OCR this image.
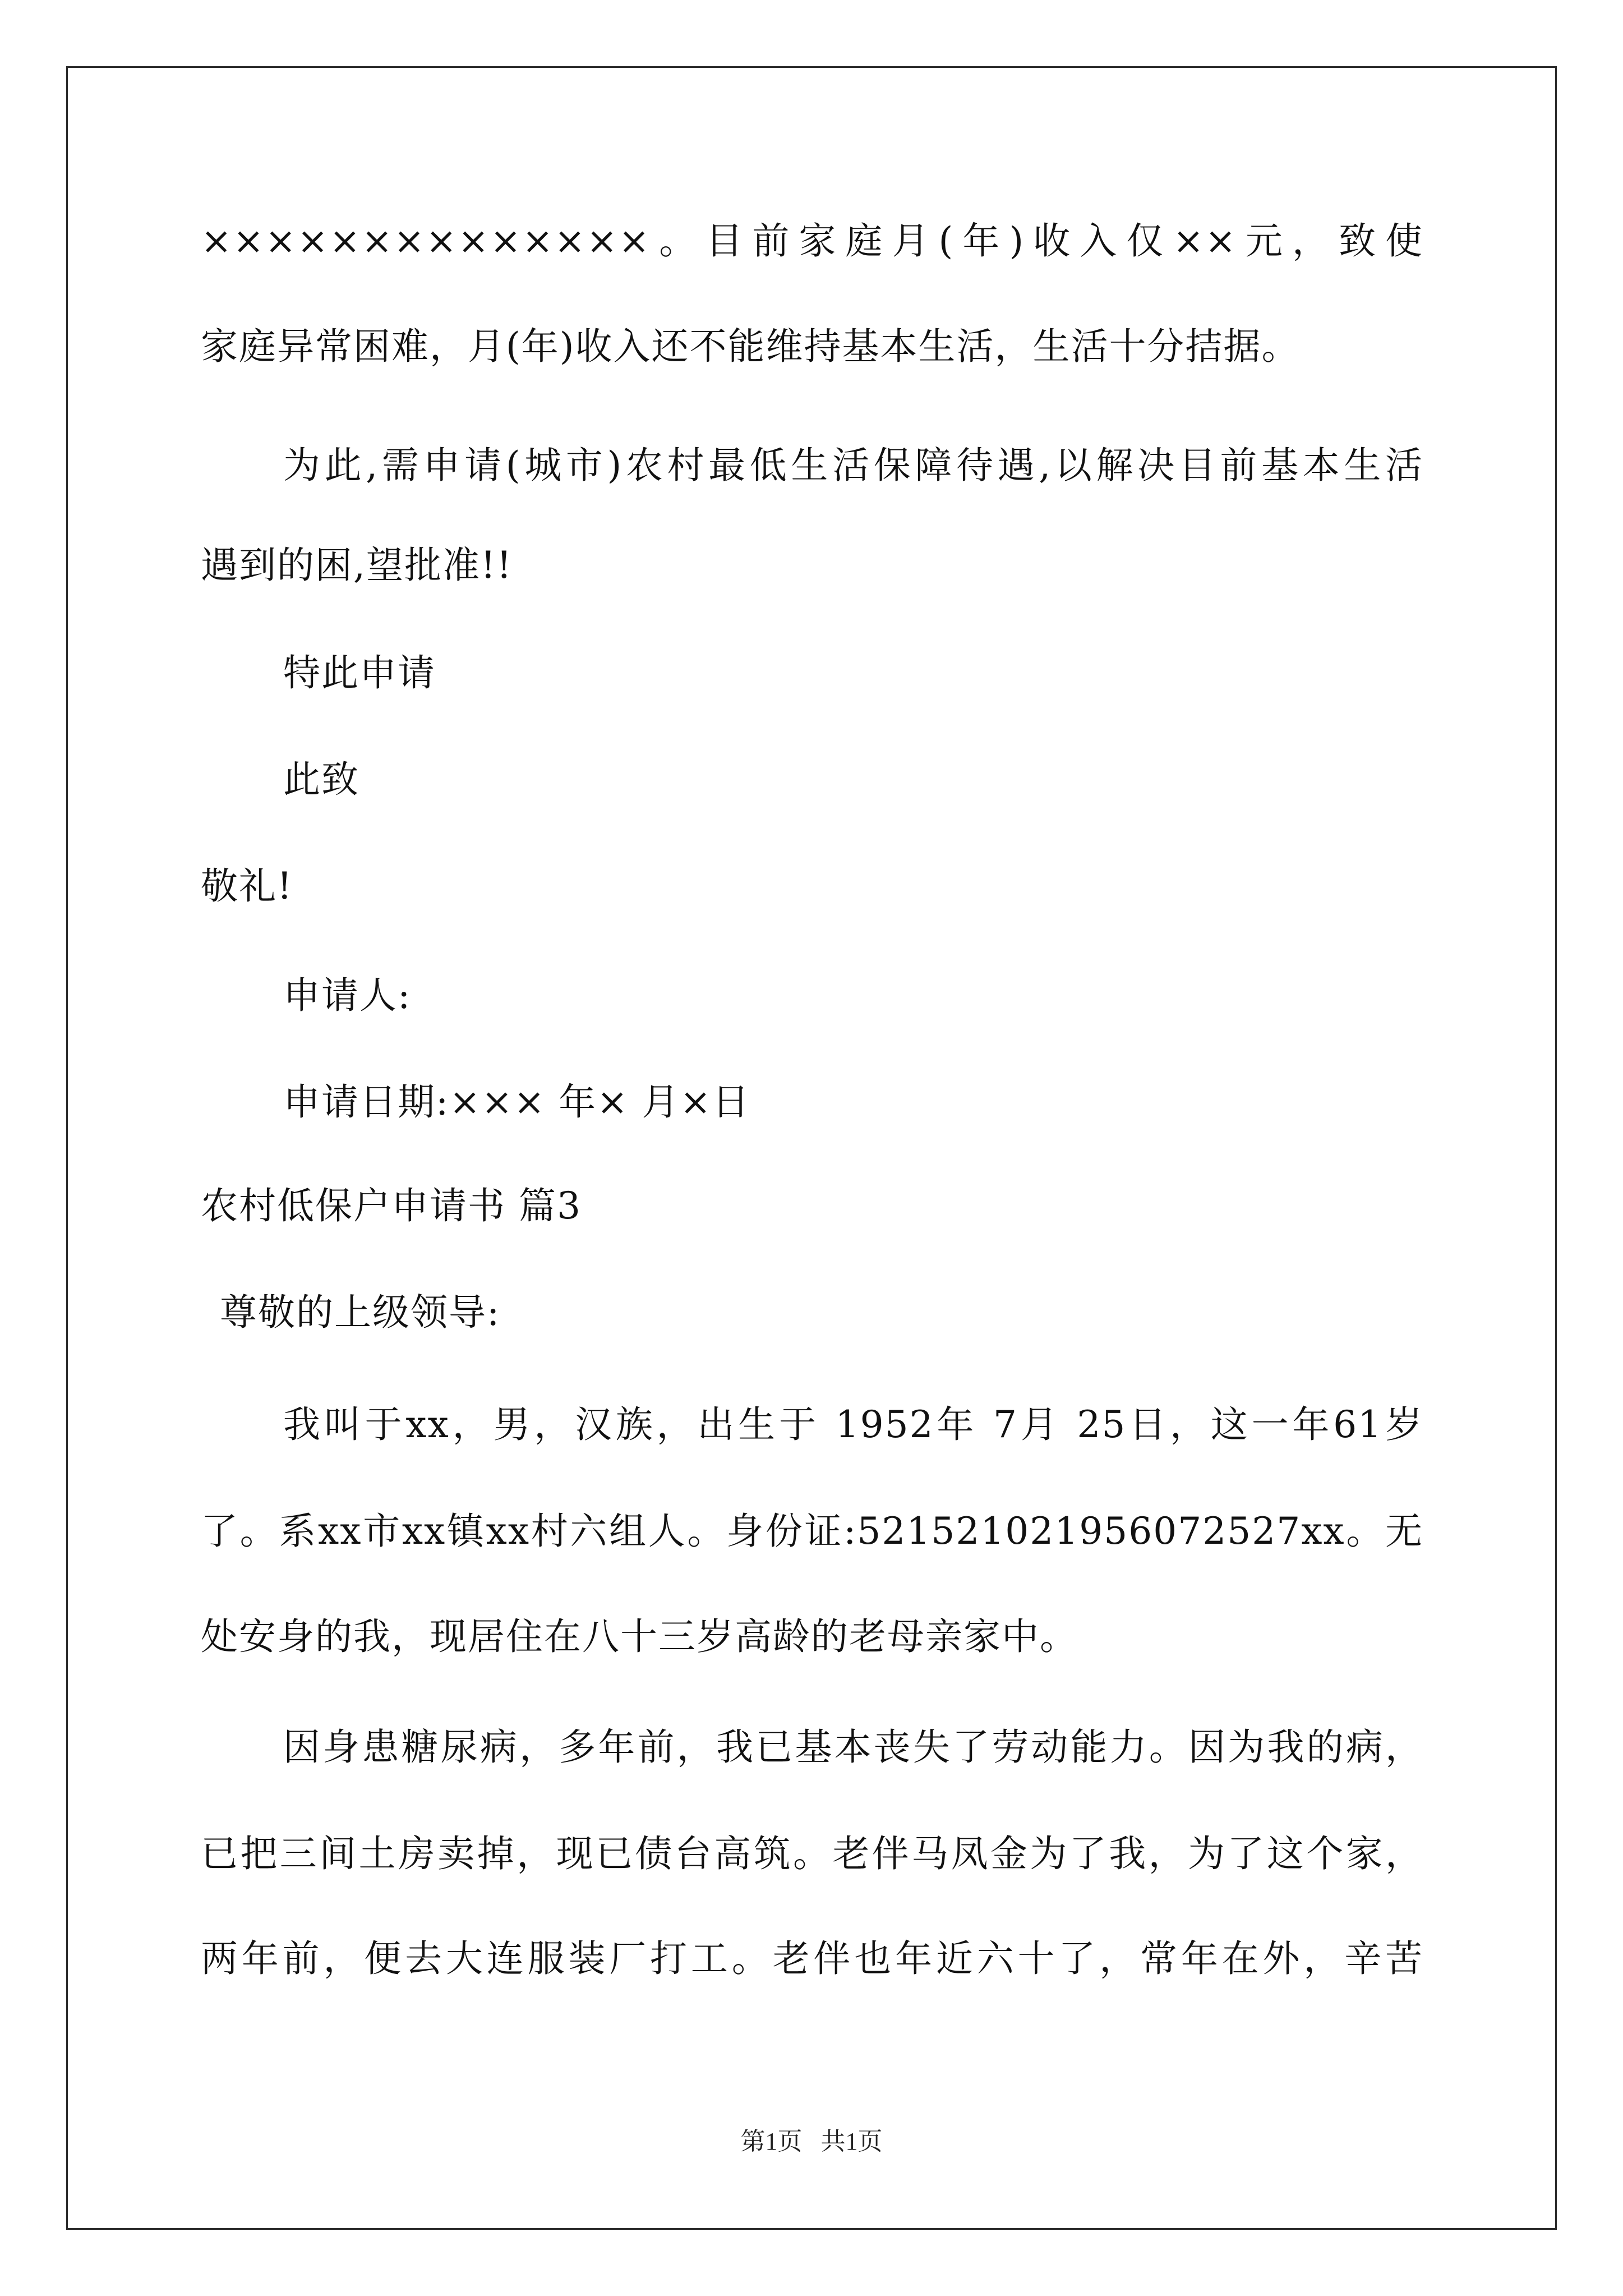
××××××××××××××。目前家庭月(年)收入仅××元，致使
家庭异常困难，月(年)收入还不能维持基本生活，生活十分拮据。
为此,需申请(城市)农村最低生活保障待遇,以解决目前基本生活
遇到的困,望批准!!
特此申请
此致
敬礼!
申请人:
申请日期:××× 年× 月×日
农村低保户申请书 篇3
尊敬的上级领导:
我叫于xx，男，汉族，出生于 1952年 7月 25日，这一年61岁
了。系xx市xx镇xx村六组人。身份证:521521021956072527xx。无
处安身的我，现居住在八十三岁高龄的老母亲家中。
因身患糖尿病，多年前，我已基本丧失了劳动能力。因为我的病，
已把三间土房卖掉，现已债台高筑。老伴马凤金为了我，为了这个家，
两年前，便去大连服装厂打工。老伴也年近六十了，常年在外，辛苦
第1页   共1页
